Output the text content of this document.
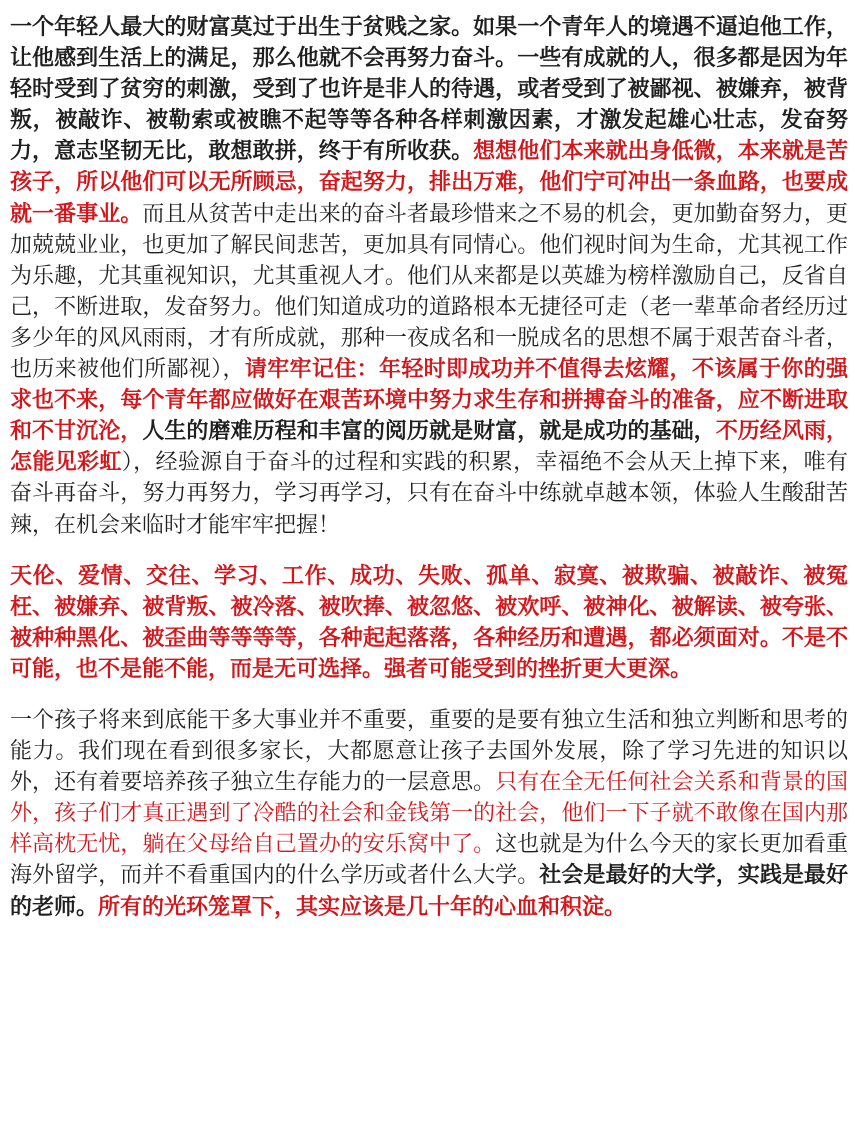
一个年轻人最大的财富莫过于出生于贫贱之家。如果一个青年人的境遇不逼迫他工作，让他感到生活上的满足，那么他就不会再努力奋斗。一些有成就的人，很多都是因为年轻时受到了贫穷的刺激，受到了也许是非人的待遇，或者受到了被鄙视、被嫌弃，被背叛，被敲诈、被勒索或被瞧不起等等各种各样刺激因素，才激发起雄心壮志，发奋努力，意志坚韧无比，敢想敢拼，终于有所收获。想想他们本来就出身低微，本来就是苦孩子，所以他们可以无所顾忌，奋起努力，排出万难，他们宁可冲出一条血路，也要成就一番事业。而且从贫苦中走出来的奋斗者最珍惜来之不易的机会，更加勤奋努力，更加兢兢业业，也更加了解民间悲苦，更加具有同情心。他们视时间为生命，尤其视工作为乐趣，尤其重视知识，尤其重视人才。他们从来都是以英雄为榜样激励自己，反省自己，不断进取，发奋努力。他们知道成功的道路根本无捷径可走（老一辈革命者经历过多少年的风风雨雨，才有所成就，那种一夜成名和一脱成名的思想不属于艰苦奋斗者，也历来被他们所鄙视），请牢牢记住：年轻时即成功并不值得去炫耀，不该属于你的强求也不来，每个青年都应做好在艰苦环境中努力求生存和拼搏奋斗的准备，应不断进取和不甘沉沦，人生的磨难历程和丰富的阅历就是财富，就是成功的基础，不历经风雨，怎能见彩虹），经验源自于奋斗的过程和实践的积累，幸福绝不会从天上掉下来，唯有奋斗再奋斗，努力再努力，学习再学习，只有在奋斗中练就卓越本领，体验人生酸甜苦辣，在机会来临时才能牢牢把握！

天伦、爱情、交往、学习、工作、成功、失败、孤单、寂寞、被欺骗、被敲诈、被冤枉、被嫌弃、被背叛、被冷落、被吹捧、被忽悠、被欢呼、被神化、被解读、被夸张、被种种黑化、被歪曲等等等等，各种起起落落，各种经历和遭遇，都必须面对。不是不可能，也不是能不能，而是无可选择。强者可能受到的挫折更大更深。

一个孩子将来到底能干多大事业并不重要，重要的是要有独立生活和独立判断和思考的能力。我们现在看到很多家长，大都愿意让孩子去国外发展，除了学习先进的知识以外，还有着要培养孩子独立生存能力的一层意思。只有在全无任何社会关系和背景的国外，孩子们才真正遇到了冷酷的社会和金钱第一的社会，他们一下子就不敢像在国内那样高枕无忧，躺在父母给自己置办的安乐窝中了。这也就是为什么今天的家长更加看重海外留学，而并不看重国内的什么学历或者什么大学。社会是最好的大学，实践是最好的老师。所有的光环笼罩下，其实应该是几十年的心血和积淀。
